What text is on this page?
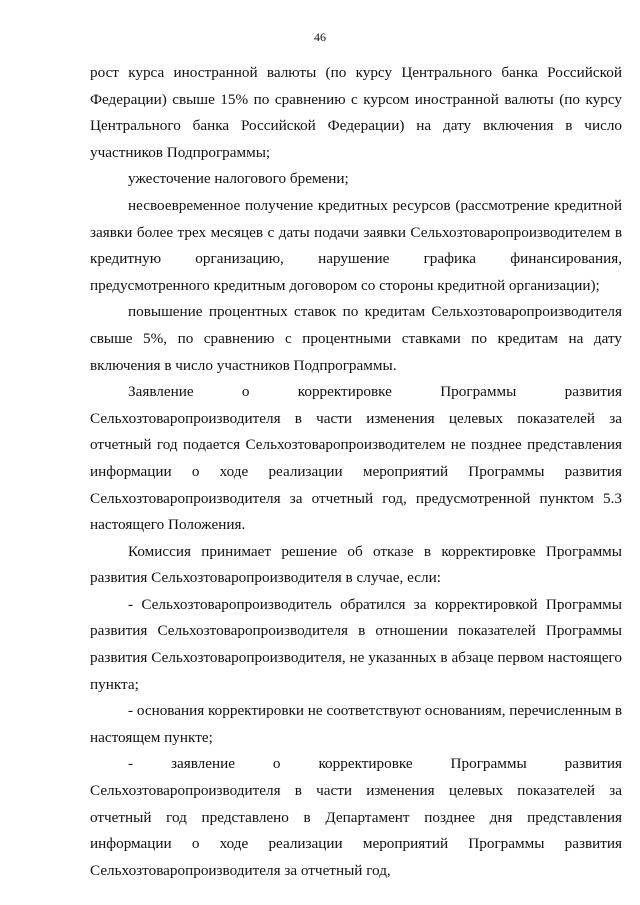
46

рост курса иностранной валюты (по курсу Центрального банка Российской Федерации) свыше 15% по сравнению с курсом иностранной валюты (по курсу Центрального банка Российской Федерации) на дату включения в число участников Подпрограммы;

ужесточение налогового бремени;

несвоевременное получение кредитных ресурсов (рассмотрение кредитной заявки более трех месяцев с даты подачи заявки Сельхозтоваропроизводителем в кредитную организацию, нарушение графика финансирования, предусмотренного кредитным договором со стороны кредитной организации);

повышение процентных ставок по кредитам Сельхозтоваропроизводителя свыше 5%, по сравнению с процентными ставками по кредитам на дату включения в число участников Подпрограммы.

Заявление о корректировке Программы развития Сельхозтоваропроизводителя в части изменения целевых показателей за отчетный год подается Сельхозтоваропроизводителем не позднее представления информации о ходе реализации мероприятий Программы развития Сельхозтоваропроизводителя за отчетный год, предусмотренной пунктом 5.3 настоящего Положения.

Комиссия принимает решение об отказе в корректировке Программы развития Сельхозтоваропроизводителя в случае, если:

- Сельхозтоваропроизводитель обратился за корректировкой Программы развития Сельхозтоваропроизводителя в отношении показателей Программы развития Сельхозтоваропроизводителя, не указанных в абзаце первом настоящего пункта;

- основания корректировки не соответствуют основаниям, перечисленным в настоящем пункте;

- заявление о корректировке Программы развития Сельхозтоваропроизводителя в части изменения целевых показателей за отчетный год представлено в Департамент позднее дня представления информации о ходе реализации мероприятий Программы развития Сельхозтоваропроизводителя за отчетный год,
